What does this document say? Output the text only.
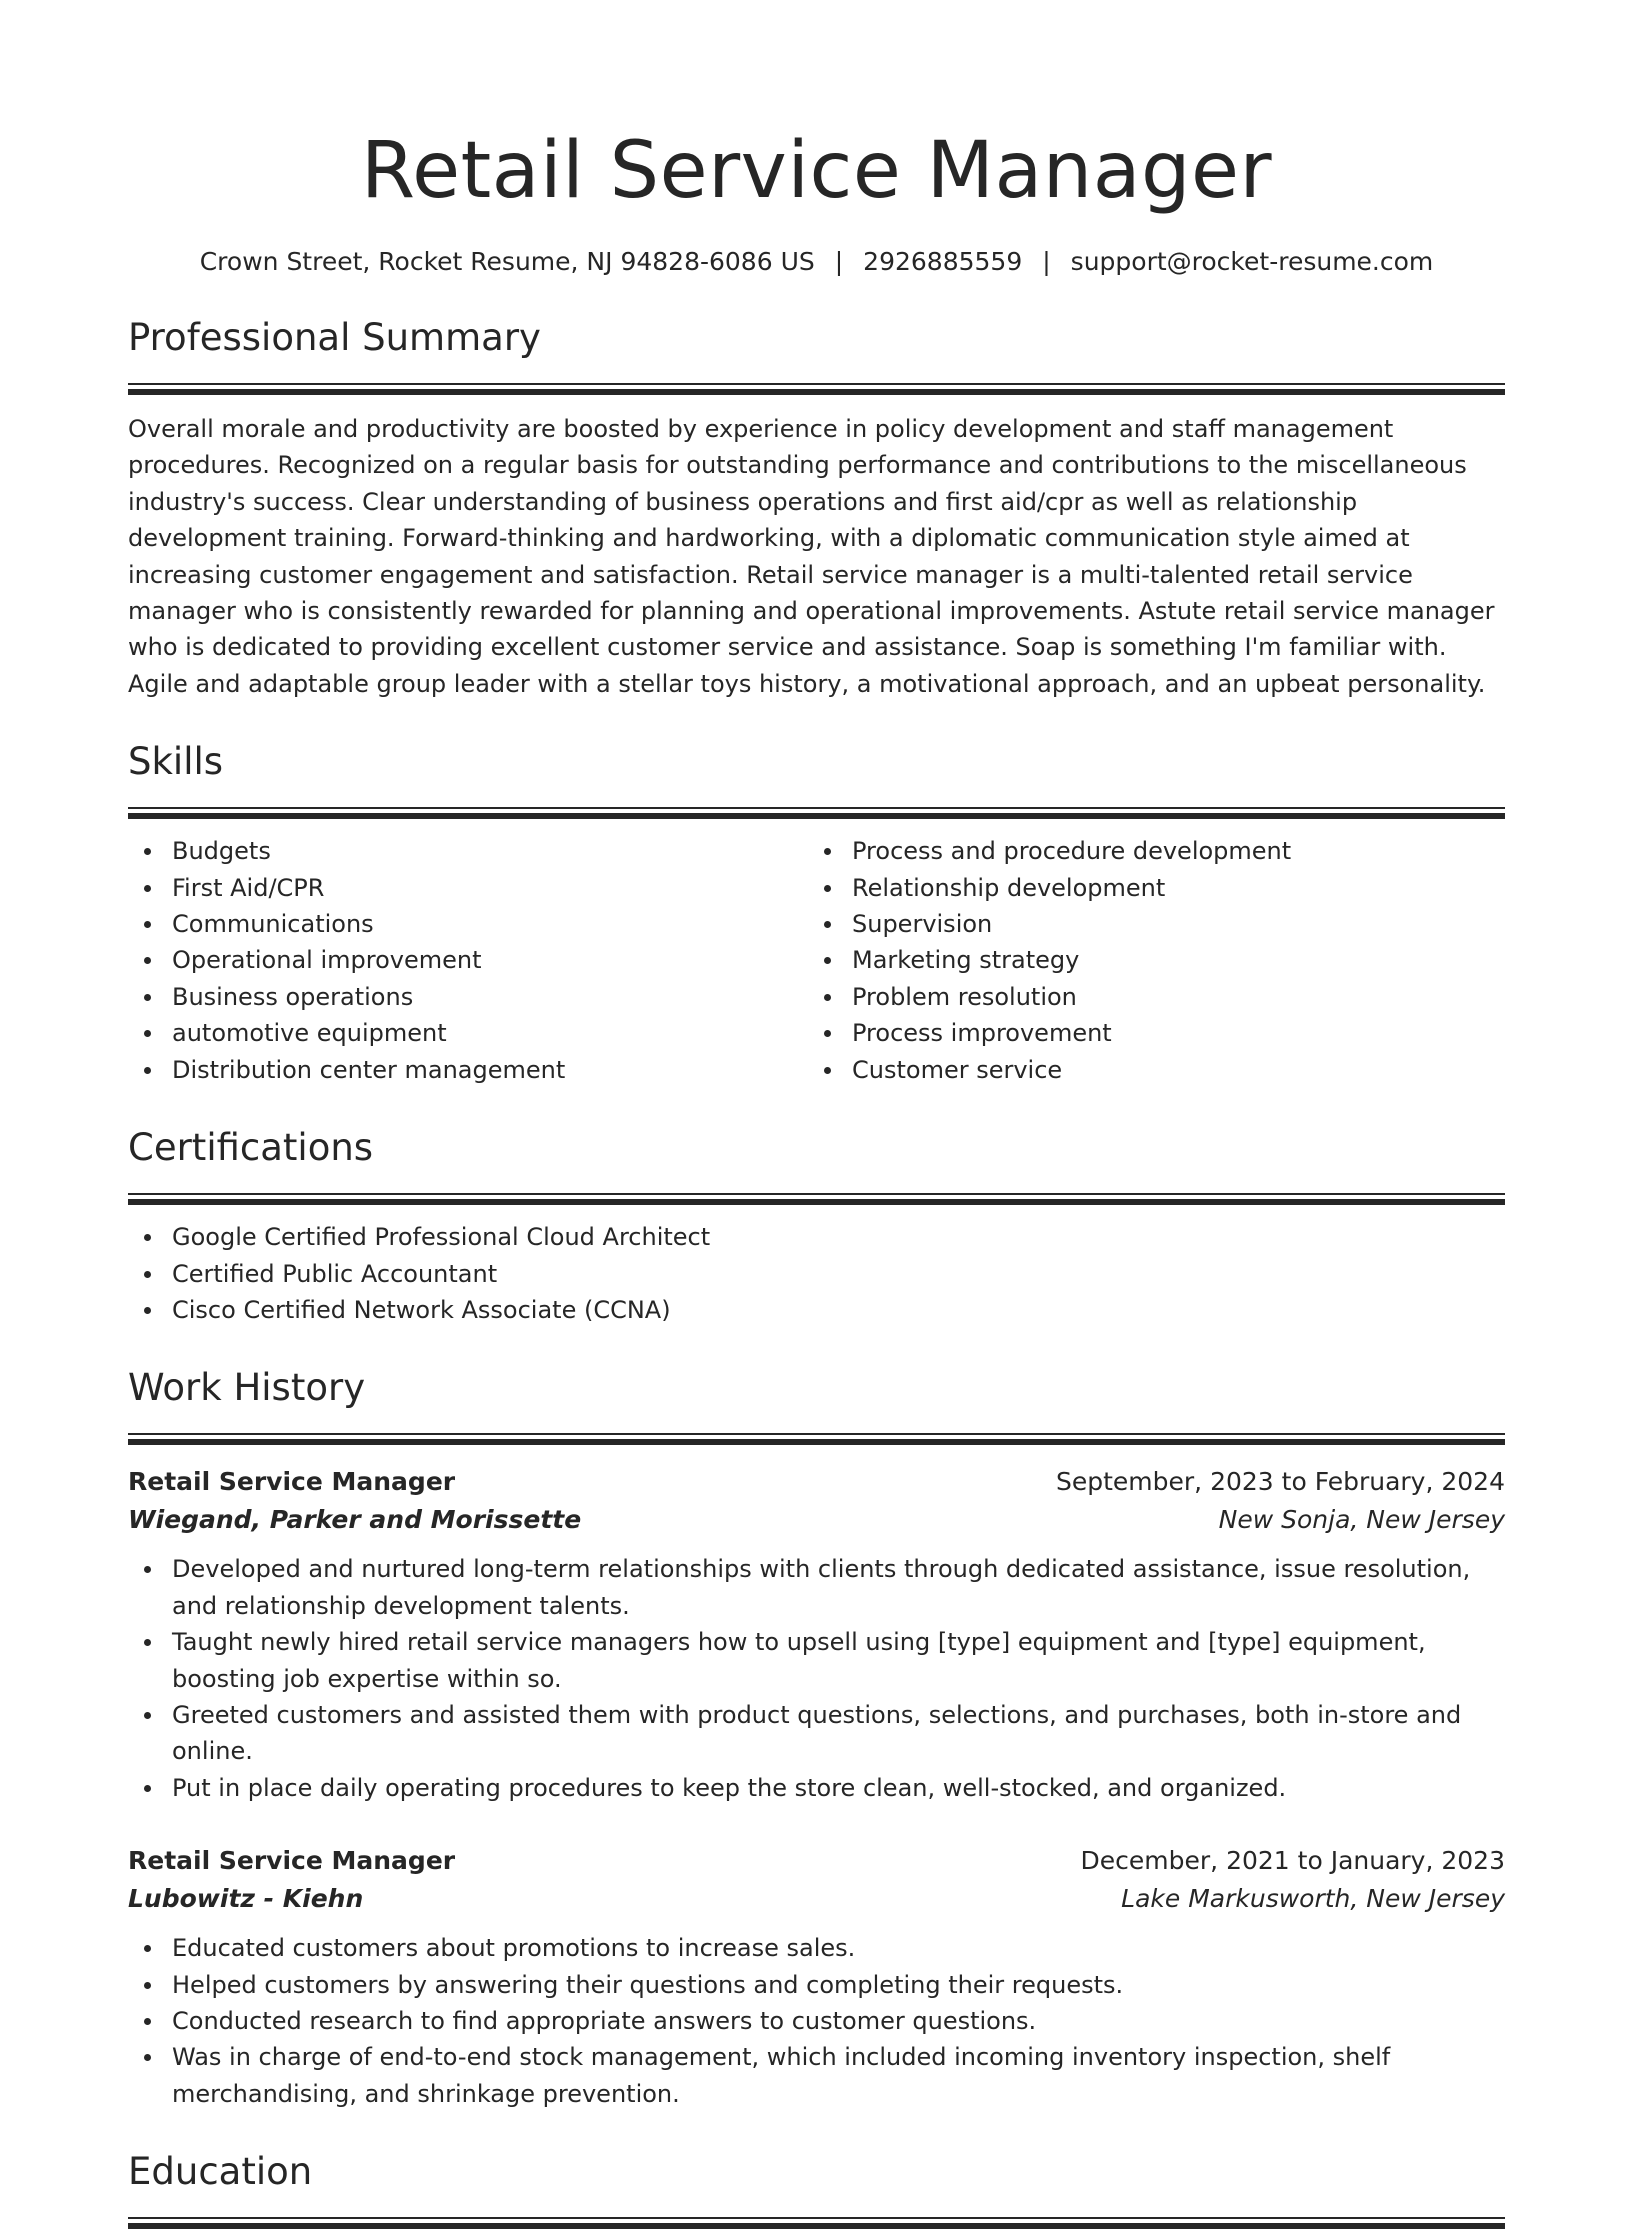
Retail Service Manager
Crown Street, Rocket Resume, NJ 94828-6086 US | 2926885559 | support@rocket-resume.com
Professional Summary

Overall morale and productivity are boosted by experience in policy development and staff management procedures. Recognized on a regular basis for outstanding performance and contributions to the miscellaneous industry's success. Clear understanding of business operations and first aid/cpr as well as relationship development training. Forward-thinking and hardworking, with a diplomatic communication style aimed at increasing customer engagement and satisfaction. Retail service manager is a multi-talented retail service manager who is consistently rewarded for planning and operational improvements. Astute retail service manager who is dedicated to providing excellent customer service and assistance. Soap is something I'm familiar with. Agile and adaptable group leader with a stellar toys history, a motivational approach, and an upbeat personality.

Skills
Budgets
First Aid/CPR
Communications
Operational improvement
Business operations
automotive equipment
Distribution center management
Process and procedure development
Relationship development
Supervision
Marketing strategy
Problem resolution
Process improvement
Customer service
Certifications
Google Certified Professional Cloud Architect
Certified Public Accountant
Cisco Certified Network Associate (CCNA)
Work History
Retail Service Manager	September, 2023 to February, 2024
Wiegand, Parker and Morissette	New Sonja, New Jersey
Developed and nurtured long-term relationships with clients through dedicated assistance, issue resolution, and relationship development talents.
Taught newly hired retail service managers how to upsell using [type] equipment and [type] equipment, boosting job expertise within so.
Greeted customers and assisted them with product questions, selections, and purchases, both in-store and online.
Put in place daily operating procedures to keep the store clean, well-stocked, and organized.
Retail Service Manager	December, 2021 to January, 2023
Lubowitz - Kiehn	Lake Markusworth, New Jersey
Educated customers about promotions to increase sales.
Helped customers by answering their questions and completing their requests.
Conducted research to find appropriate answers to customer questions.
Was in charge of end-to-end stock management, which included incoming inventory inspection, shelf merchandising, and shrinkage prevention.
Education
